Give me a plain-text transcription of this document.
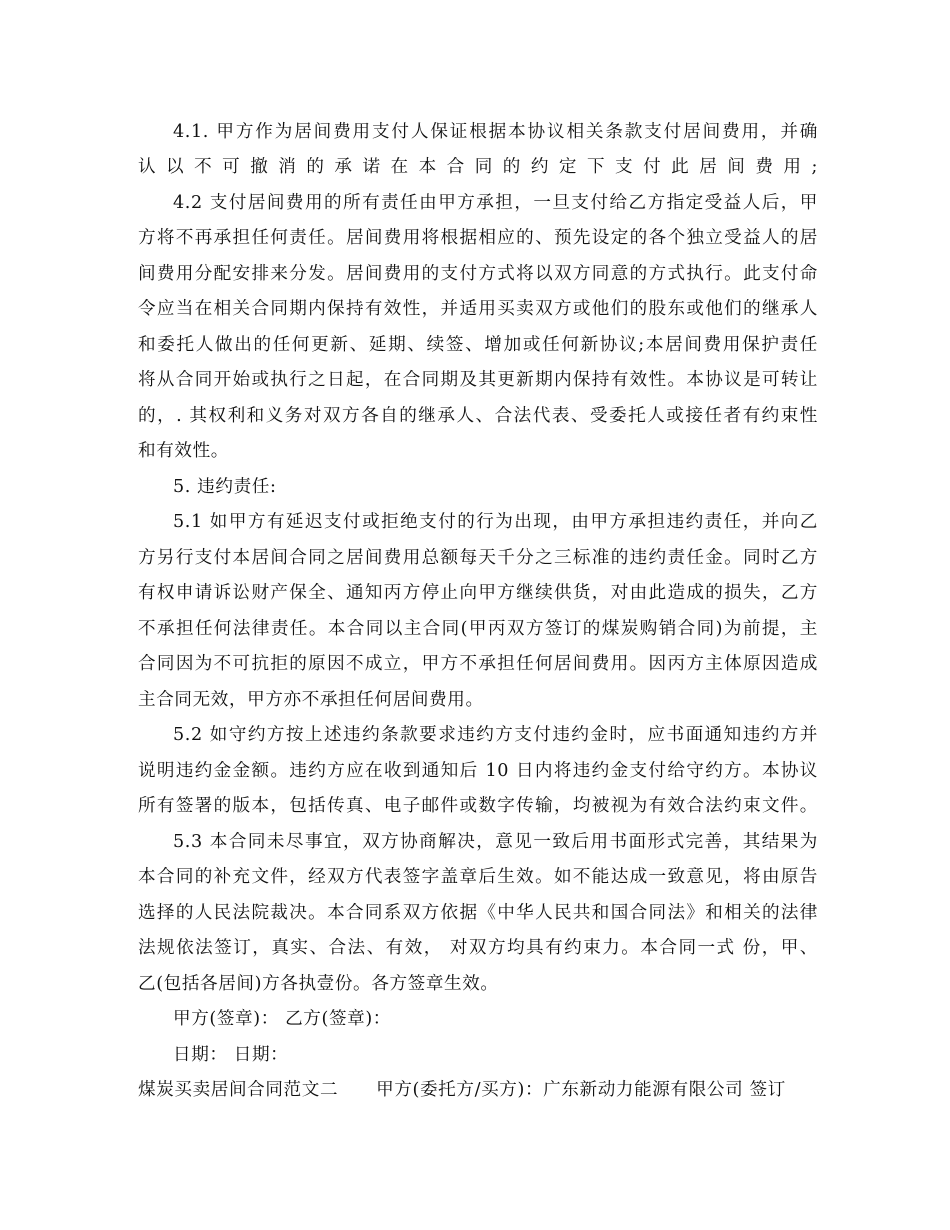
4.1. 甲方作为居间费用支付人保证根据本协议相关条款支付居间费用，并确

认以不可撤消的承诺在本合同的约定下支付此居间费用;

4.2 支付居间费用的所有责任由甲方承担，一旦支付给乙方指定受益人后，甲

方将不再承担任何责任。居间费用将根据相应的、预先设定的各个独立受益人的居

间费用分配安排来分发。居间费用的支付方式将以双方同意的方式执行。此支付命

令应当在相关合同期内保持有效性，并适用买卖双方或他们的股东或他们的继承人

和委托人做出的任何更新、延期、续签、增加或任何新协议;本居间费用保护责任

将从合同开始或执行之日起，在合同期及其更新期内保持有效性。本协议是可转让

的，. 其权利和义务对双方各自的继承人、合法代表、受委托人或接任者有约束性

和有效性。

5. 违约责任:

5.1 如甲方有延迟支付或拒绝支付的行为出现，由甲方承担违约责任，并向乙

方另行支付本居间合同之居间费用总额每天千分之三标准的违约责任金。同时乙方

有权申请诉讼财产保全、通知丙方停止向甲方继续供货，对由此造成的损失，乙方

不承担任何法律责任。本合同以主合同(甲丙双方签订的煤炭购销合同)为前提，主

合同因为不可抗拒的原因不成立，甲方不承担任何居间费用。因丙方主体原因造成

主合同无效，甲方亦不承担任何居间费用。

5.2 如守约方按上述违约条款要求违约方支付违约金时，应书面通知违约方并

说明违约金金额。违约方应在收到通知后 10 日内将违约金支付给守约方。本协议

所有签署的版本，包括传真、电子邮件或数字传输，均被视为有效合法约束文件。

5.3 本合同未尽事宜，双方协商解决，意见一致后用书面形式完善，其结果为

本合同的补充文件，经双方代表签字盖章后生效。如不能达成一致意见，将由原告

选择的人民法院裁决。本合同系双方依据《中华人民共和国合同法》和相关的法律

法规依法签订，真实、合法、有效， 对双方均具有约束力。本合同一式 份，甲、

乙(包括各居间)方各执壹份。各方签章生效。

甲方(签章)： 乙方(签章)：

日期： 日期：

煤炭买卖居间合同范文二 甲方(委托方/买方)：广东新动力能源有限公司 签订
